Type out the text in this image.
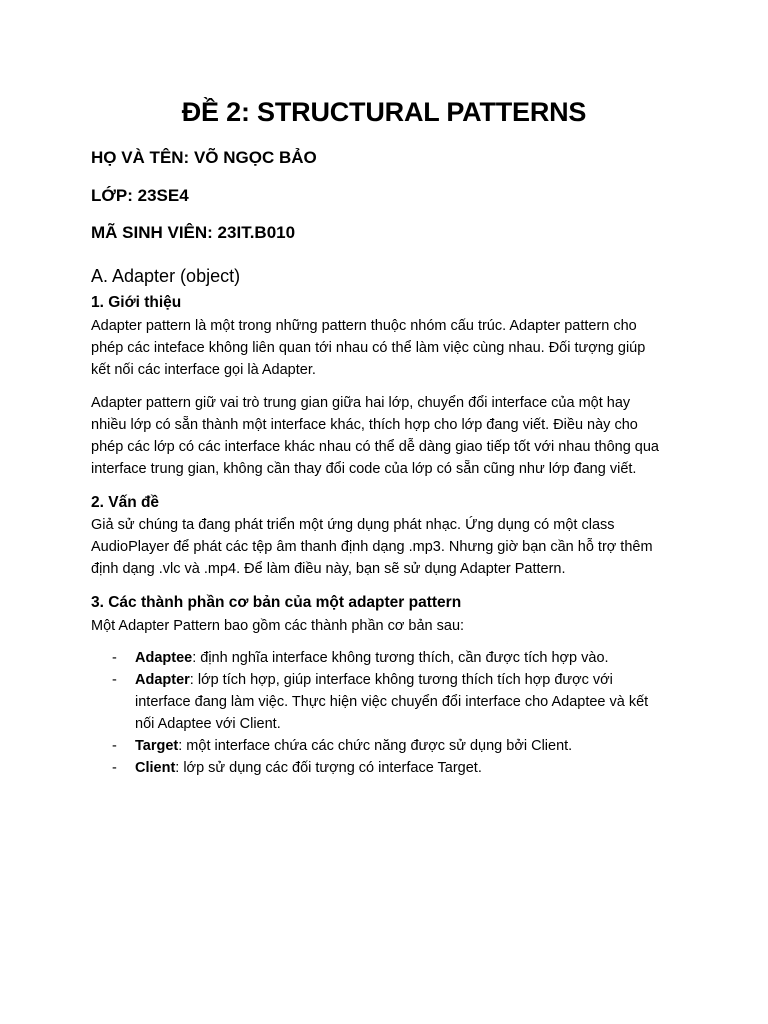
ĐỀ 2: STRUCTURAL PATTERNS
HỌ VÀ TÊN: VÕ NGỌC BẢO
LỚP: 23SE4
MÃ SINH VIÊN: 23IT.B010
A. Adapter (object)
1. Giới thiệu
Adapter pattern là một trong những pattern thuộc nhóm cấu trúc. Adapter pattern cho
phép các inteface không liên quan tới nhau có thể làm việc cùng nhau. Đối tượng giúp
kết nối các interface gọi là Adapter.
Adapter pattern giữ vai trò trung gian giữa hai lớp, chuyển đổi interface của một hay
nhiều lớp có sẵn thành một interface khác, thích hợp cho lớp đang viết. Điều này cho
phép các lớp có các interface khác nhau có thể dễ dàng giao tiếp tốt với nhau thông qua
interface trung gian, không cần thay đổi code của lớp có sẵn cũng như lớp đang viết.
2. Vấn đề
Giả sử chúng ta đang phát triển một ứng dụng phát nhạc. Ứng dụng có một class
AudioPlayer để phát các tệp âm thanh định dạng .mp3. Nhưng giờ bạn cần hỗ trợ thêm
định dạng .vlc và .mp4. Để làm điều này, bạn sẽ sử dụng Adapter Pattern.
3. Các thành phần cơ bản của một adapter pattern
Một Adapter Pattern bao gồm các thành phần cơ bản sau:
- Adaptee: định nghĩa interface không tương thích, cần được tích hợp vào.
- Adapter: lớp tích hợp, giúp interface không tương thích tích hợp được với
interface đang làm việc. Thực hiện việc chuyển đổi interface cho Adaptee và kết
nối Adaptee với Client.
- Target: một interface chứa các chức năng được sử dụng bởi Client.
- Client: lớp sử dụng các đối tượng có interface Target.
